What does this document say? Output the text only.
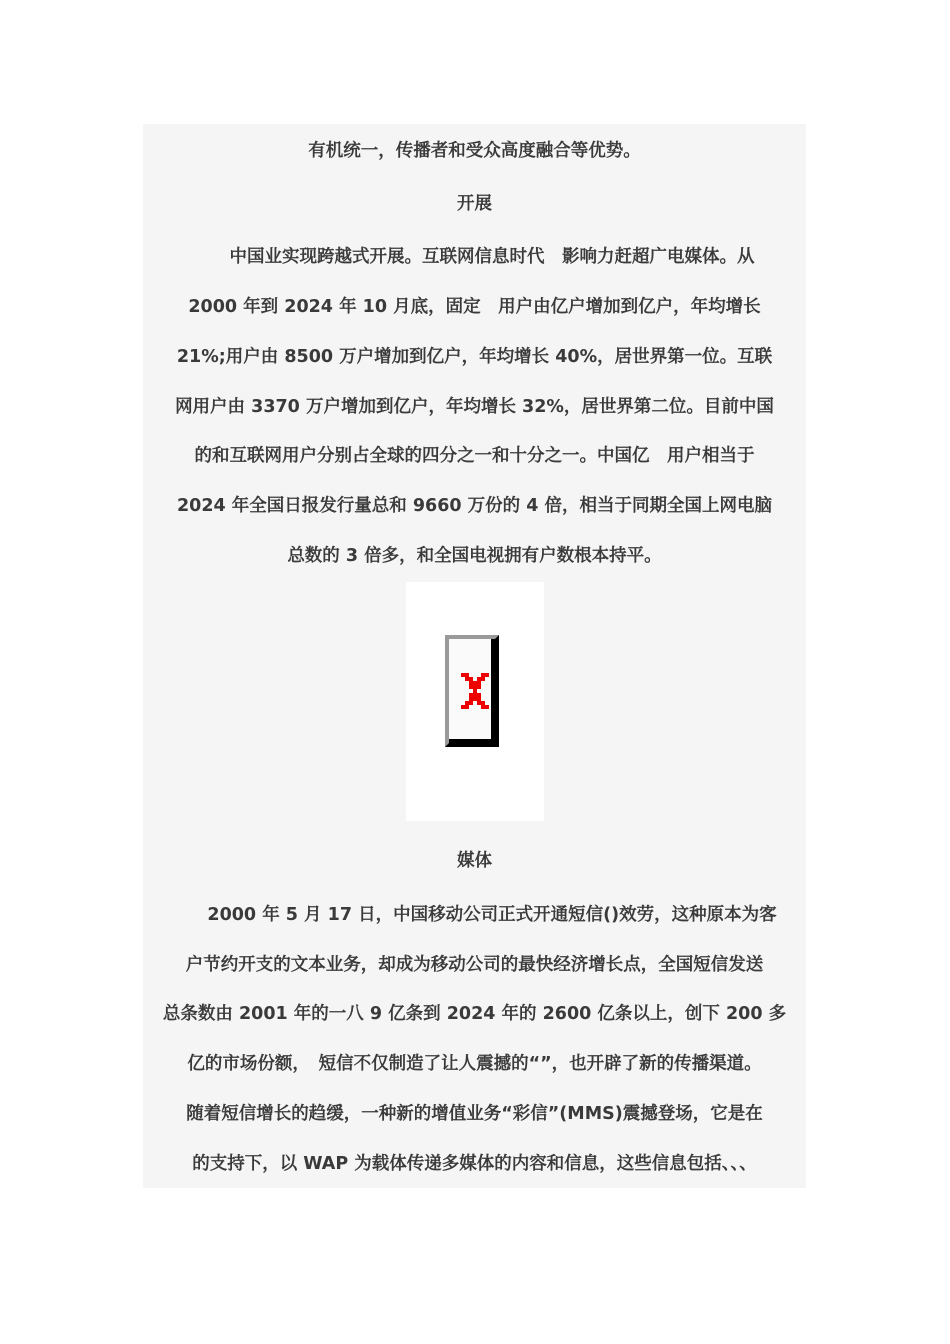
有机统一，传播者和受众高度融合等优势。
开展
　　中国业实现跨越式开展。互联网信息时代　影响力赶超广电媒体。从
2000 年到 2024 年 10 月底，固定　用户由亿户增加到亿户，年均增长
21%;用户由 8500 万户增加到亿户，年均增长 40%，居世界第一位。互联
网用户由 3370 万户增加到亿户，年均增长 32%，居世界第二位。目前中国
的和互联网用户分别占全球的四分之一和十分之一。中国亿　用户相当于
2024 年全国日报发行量总和 9660 万份的 4 倍，相当于同期全国上网电脑
总数的 3 倍多，和全国电视拥有户数根本持平。
媒体
　　2000 年 5 月 17 日，中国移动公司正式开通短信()效劳，这种原本为客
户节约开支的文本业务，却成为移动公司的最快经济增长点，全国短信发送
总条数由 2001 年的一八 9 亿条到 2024 年的 2600 亿条以上，创下 200 多
亿的市场份额，　短信不仅制造了让人震撼的“”，也开辟了新的传播渠道。
随着短信增长的趋缓，一种新的增值业务“彩信”(MMS)震撼登场，它是在
的支持下，以 WAP 为载体传递多媒体的内容和信息，这些信息包括、、、
